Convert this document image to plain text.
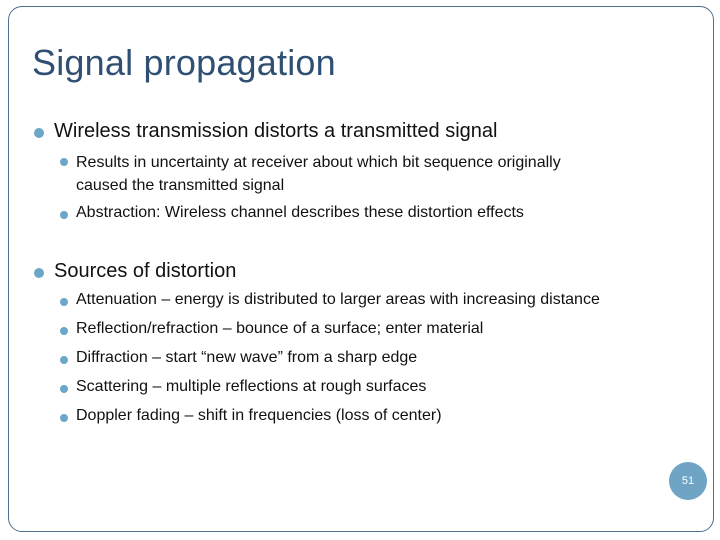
Signal propagation
Wireless transmission distorts a transmitted signal
Results in uncertainty at receiver about which bit sequence originally
caused the transmitted signal
Abstraction: Wireless channel describes these distortion effects
Sources of distortion
Attenuation – energy is distributed to larger areas with increasing distance
Reflection/refraction – bounce of a surface; enter material
Diffraction – start “new wave” from a sharp edge
Scattering – multiple reflections at rough surfaces
Doppler fading – shift in frequencies (loss of center)
51
